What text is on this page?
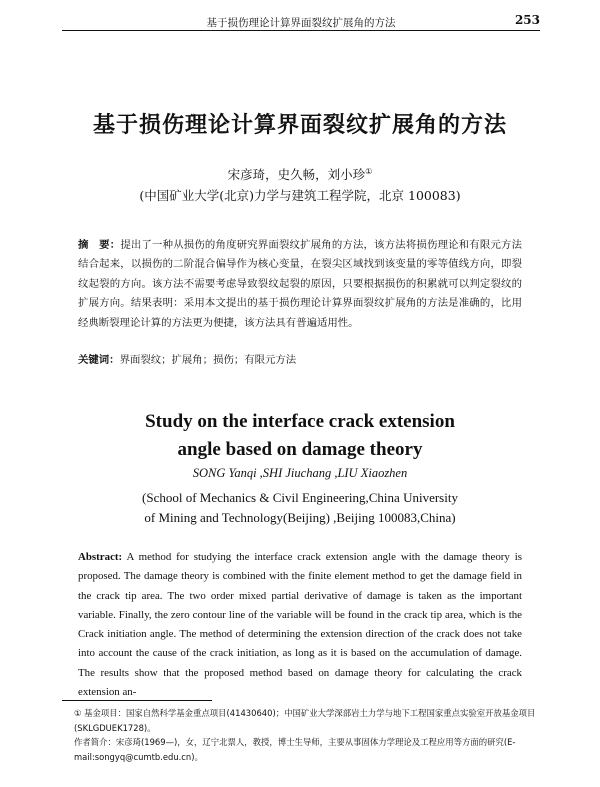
基于损伤理论计算界面裂纹扩展角的方法	253
基于损伤理论计算界面裂纹扩展角的方法
宋彦琦，史久畅，刘小珍①
(中国矿业大学(北京)力学与建筑工程学院，北京 100083)
摘　要：提出了一种从损伤的角度研究界面裂纹扩展角的方法，该方法将损伤理论和有限元方法结合起来，以损伤的二阶混合偏导作为核心变量，在裂尖区域找到该变量的零等值线方向，即裂纹起裂的方向。该方法不需要考虑导致裂纹起裂的原因，只要根据损伤的积累就可以判定裂纹的扩展方向。结果表明：采用本文提出的基于损伤理论计算界面裂纹扩展角的方法是准确的，比用经典断裂理论计算的方法更为便捷，该方法具有普遍适用性。
关键词：界面裂纹；扩展角；损伤；有限元方法
Study on the interface crack extension
angle based on damage theory
SONG Yanqi ,SHI Jiuchang ,LIU Xiaozhen
(School of Mechanics & Civil Engineering,China University
of Mining and Technology(Beijing) ,Beijing 100083,China)
Abstract: A method for studying the interface crack extension angle with the damage theory is proposed. The damage theory is combined with the finite element method to get the damage field in the crack tip area. The two order mixed partial derivative of damage is taken as the important variable. Finally, the zero contour line of the variable will be found in the crack tip area, which is the Crack initiation angle. The method of determining the extension direction of the crack does not take into account the cause of the crack initiation, as long as it is based on the accumulation of damage. The results show that the proposed method based on damage theory for calculating the crack extension an-

① 基金项目：国家自然科学基金重点项目(41430640)；中国矿业大学深部岩土力学与地下工程国家重点实验室开放基金项目(SKLGDUEK1728)。

作者简介：宋彦琦(1969—)，女，辽宁北票人，教授，博士生导师，主要从事固体力学理论及工程应用等方面的研究(E-mail:songyq@cumtb.edu.cn)。
